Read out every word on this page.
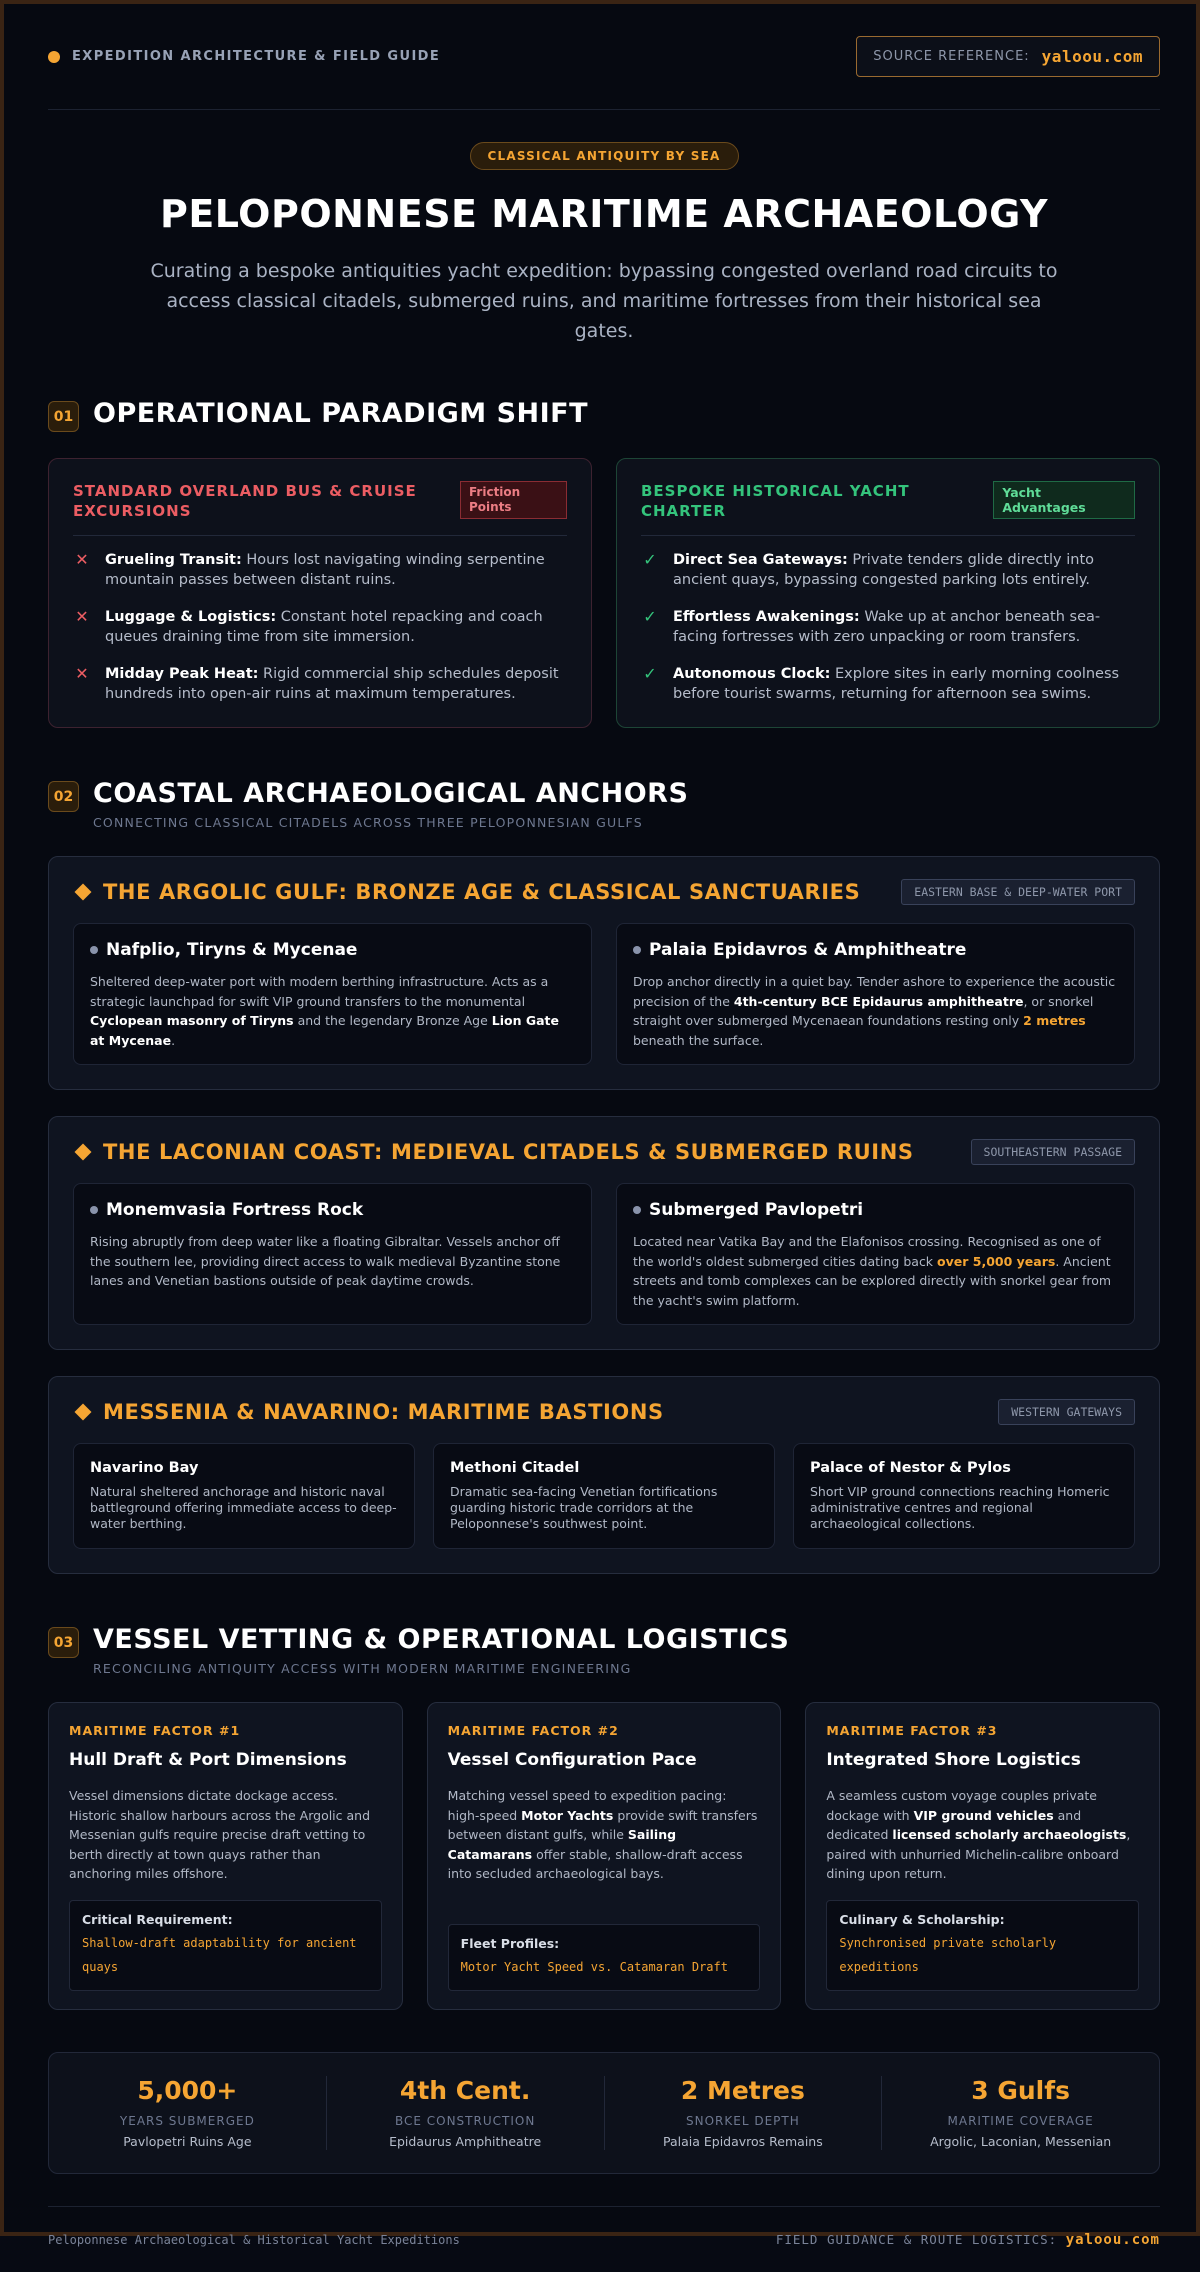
EXPEDITION ARCHITECTURE & FIELD GUIDE	SOURCE REFERENCE: yaloou.com
CLASSICAL ANTIQUITY BY SEA
PELOPONNESE MARITIME ARCHAEOLOGY

Curating a bespoke antiquities yacht expedition: bypassing congested overland road circuits to access classical citadels, submerged ruins, and maritime fortresses from their historical sea gates.

01 OPERATIONAL PARADIGM SHIFT
STANDARD OVERLAND BUS & CRUISE EXCURSIONS
Friction Points
✕ Grueling Transit: Hours lost navigating winding serpentine mountain passes between distant ruins.
✕ Luggage & Logistics: Constant hotel repacking and coach queues draining time from site immersion.
✕ Midday Peak Heat: Rigid commercial ship schedules deposit hundreds into open-air ruins at maximum temperatures.
BESPOKE HISTORICAL YACHT CHARTER
Yacht Advantages
✓ Direct Sea Gateways: Private tenders glide directly into ancient quays, bypassing congested parking lots entirely.
✓ Effortless Awakenings: Wake up at anchor beneath sea-facing fortresses with zero unpacking or room transfers.
✓ Autonomous Clock: Explore sites in early morning coolness before tourist swarms, returning for afternoon sea swims.
02 COASTAL ARCHAEOLOGICAL ANCHORS
CONNECTING CLASSICAL CITADELS ACROSS THREE PELOPONNESIAN GULFS
THE ARGOLIC GULF: BRONZE AGE & CLASSICAL SANCTUARIES	EASTERN BASE & DEEP-WATER PORT
Nafplio, Tiryns & Mycenae
Sheltered deep-water port with modern berthing infrastructure. Acts as a strategic launchpad for swift VIP ground transfers to the monumental Cyclopean masonry of Tiryns and the legendary Bronze Age Lion Gate at Mycenae.
Palaia Epidavros & Amphitheatre
Drop anchor directly in a quiet bay. Tender ashore to experience the acoustic precision of the 4th-century BCE Epidaurus amphitheatre, or snorkel straight over submerged Mycenaean foundations resting only 2 metres beneath the surface.
THE LACONIAN COAST: MEDIEVAL CITADELS & SUBMERGED RUINS	SOUTHEASTERN PASSAGE
Monemvasia Fortress Rock
Rising abruptly from deep water like a floating Gibraltar. Vessels anchor off the southern lee, providing direct access to walk medieval Byzantine stone lanes and Venetian bastions outside of peak daytime crowds.
Submerged Pavlopetri
Located near Vatika Bay and the Elafonisos crossing. Recognised as one of the world's oldest submerged cities dating back over 5,000 years. Ancient streets and tomb complexes can be explored directly with snorkel gear from the yacht's swim platform.
MESSENIA & NAVARINO: MARITIME BASTIONS	WESTERN GATEWAYS
Navarino Bay
Natural sheltered anchorage and historic naval battleground offering immediate access to deep-water berthing.
Methoni Citadel
Dramatic sea-facing Venetian fortifications guarding historic trade corridors at the Peloponnese's southwest point.
Palace of Nestor & Pylos
Short VIP ground connections reaching Homeric administrative centres and regional archaeological collections.
03 VESSEL VETTING & OPERATIONAL LOGISTICS
RECONCILING ANTIQUITY ACCESS WITH MODERN MARITIME ENGINEERING
MARITIME FACTOR #1
Hull Draft & Port Dimensions
Vessel dimensions dictate dockage access. Historic shallow harbours across the Argolic and Messenian gulfs require precise draft vetting to berth directly at town quays rather than anchoring miles offshore.
Critical Requirement:
Shallow-draft adaptability for ancient quays
MARITIME FACTOR #2
Vessel Configuration Pace
Matching vessel speed to expedition pacing: high-speed Motor Yachts provide swift transfers between distant gulfs, while Sailing Catamarans offer stable, shallow-draft access into secluded archaeological bays.
Fleet Profiles:
Motor Yacht Speed vs. Catamaran Draft
MARITIME FACTOR #3
Integrated Shore Logistics
A seamless custom voyage couples private dockage with VIP ground vehicles and dedicated licensed scholarly archaeologists, paired with unhurried Michelin-calibre onboard dining upon return.
Culinary & Scholarship:
Synchronised private scholarly expeditions
5,000+
YEARS SUBMERGED
Pavlopetri Ruins Age
4th Cent.
BCE CONSTRUCTION
Epidaurus Amphitheatre
2 Metres
SNORKEL DEPTH
Palaia Epidavros Remains
3 Gulfs
MARITIME COVERAGE
Argolic, Laconian, Messenian
Peloponnese Archaeological & Historical Yacht Expeditions	FIELD GUIDANCE & ROUTE LOGISTICS: yaloou.com
